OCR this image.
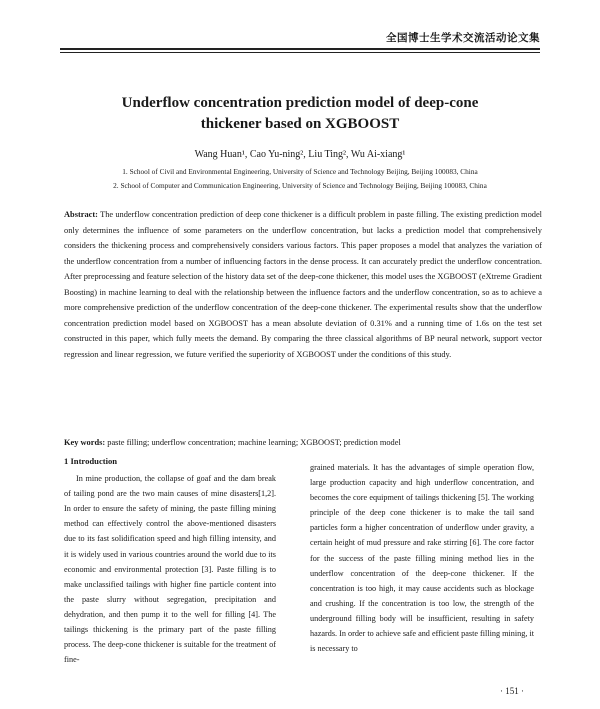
全国博士生学术交流活动论文集
Underflow concentration prediction model of deep-cone
thickener based on XGBOOST
Wang Huan¹, Cao Yu-ning², Liu Ting², Wu Ai-xiang¹
1. School of Civil and Environmental Engineering, University of Science and Technology Beijing, Beijing 100083, China
2. School of Computer and Communication Engineering, University of Science and Technology Beijing, Beijing 100083, China
Abstract: The underflow concentration prediction of deep cone thickener is a difficult problem in paste filling. The existing prediction model only determines the influence of some parameters on the underflow concentration, but lacks a prediction model that comprehensively considers the thickening process and comprehensively considers various factors. This paper proposes a model that analyzes the variation of the underflow concentration from a number of influencing factors in the dense process. It can accurately predict the underflow concentration. After preprocessing and feature selection of the history data set of the deep-cone thickener, this model uses the XGBOOST (eXtreme Gradient Boosting) in machine learning to deal with the relationship between the influence factors and the underflow concentration, so as to achieve a more comprehensive prediction of the underflow concentration of the deep-cone thickener. The experimental results show that the underflow concentration prediction model based on XGBOOST has a mean absolute deviation of 0.31% and a running time of 1.6s on the test set constructed in this paper, which fully meets the demand. By comparing the three classical algorithms of BP neural network, support vector regression and linear regression, we future verified the superiority of XGBOOST under the conditions of this study.
Key words: paste filling; underflow concentration; machine learning; XGBOOST; prediction model
1 Introduction

In mine production, the collapse of goaf and the dam break of tailing pond are the two main causes of mine disasters[1,2]. In order to ensure the safety of mining, the paste filling mining method can effectively control the above-mentioned disasters due to its fast solidification speed and high filling intensity, and it is widely used in various countries around the world due to its economic and environmental protection [3]. Paste filling is to make unclassified tailings with higher fine particle content into the paste slurry without segregation, precipitation and dehydration, and then pump it to the well for filling [4]. The tailings thickening is the primary part of the paste filling process. The deep-cone thickener is suitable for the treatment of fine-

grained materials. It has the advantages of simple operation flow, large production capacity and high underflow concentration, and becomes the core equipment of tailings thickening [5]. The working principle of the deep cone thickener is to make the tail sand particles form a higher concentration of underflow under gravity, a certain height of mud pressure and rake stirring [6]. The core factor for the success of the paste filling mining method lies in the underflow concentration of the deep-cone thickener. If the concentration is too high, it may cause accidents such as blockage and crushing. If the concentration is too low, the strength of the underground filling body will be insufficient, resulting in safety hazards. In order to achieve safe and efficient paste filling mining, it is necessary to

· 151 ·
